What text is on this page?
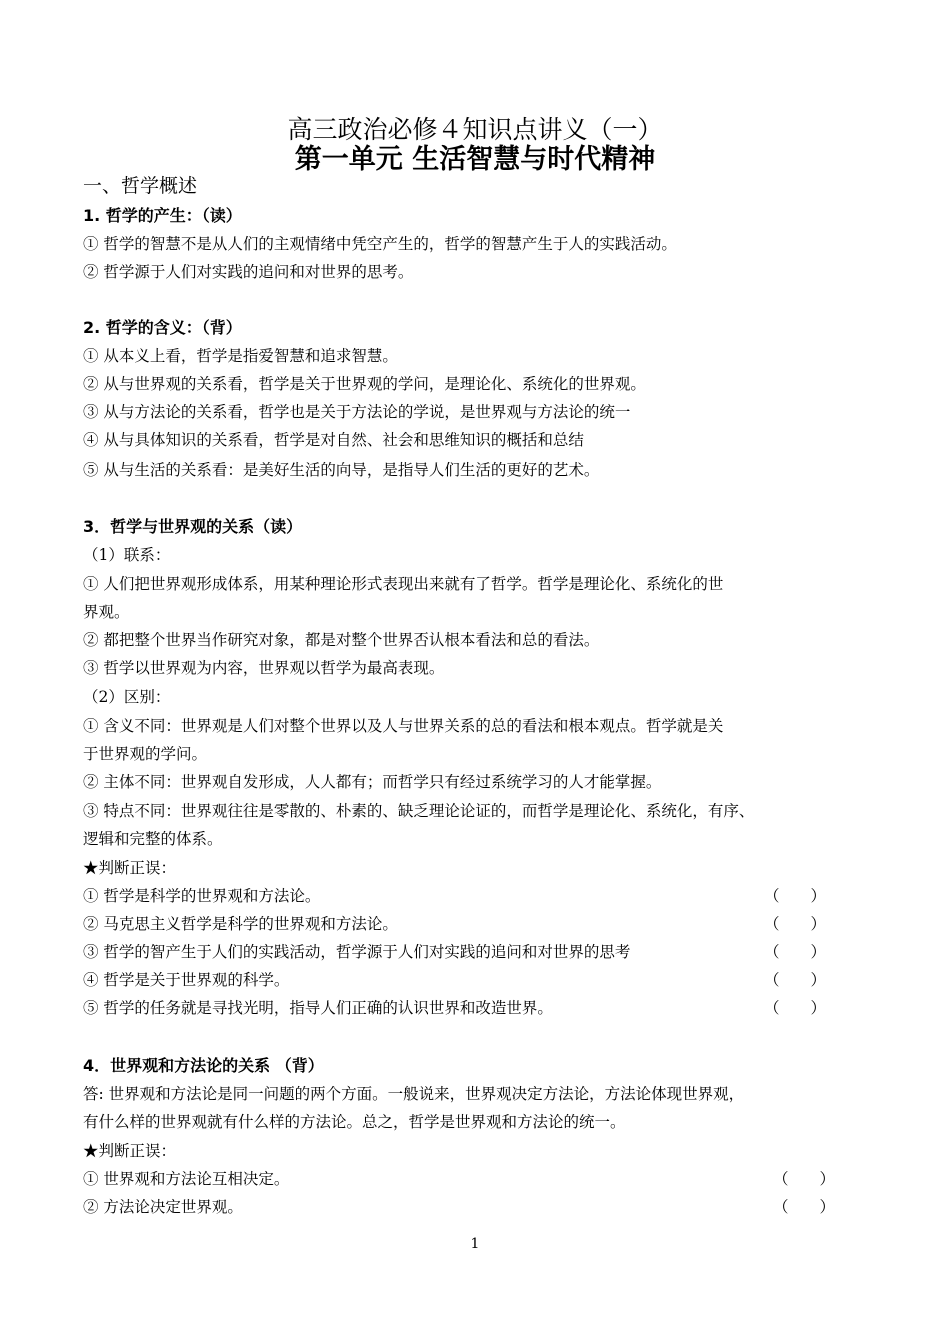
高三政治必修４知识点讲义（一）
第一单元 生活智慧与时代精神
一、哲学概述
1. 哲学的产生：（读）
① 哲学的智慧不是从人们的主观情绪中凭空产生的，哲学的智慧产生于人的实践活动。
② 哲学源于人们对实践的追问和对世界的思考。
2. 哲学的含义：（背）
① 从本义上看，哲学是指爱智慧和追求智慧。
② 从与世界观的关系看，哲学是关于世界观的学问，是理论化、系统化的世界观。
③ 从与方法论的关系看，哲学也是关于方法论的学说，是世界观与方法论的统一
④ 从与具体知识的关系看，哲学是对自然、社会和思维知识的概括和总结
⑤ 从与生活的关系看：是美好生活的向导，是指导人们生活的更好的艺术。
3．哲学与世界观的关系（读）
（1）联系：
① 人们把世界观形成体系，用某种理论形式表现出来就有了哲学。哲学是理论化、系统化的世
界观。
② 都把整个世界当作研究对象，都是对整个世界否认根本看法和总的看法。
③ 哲学以世界观为内容，世界观以哲学为最高表现。
（2）区别：
① 含义不同：世界观是人们对整个世界以及人与世界关系的总的看法和根本观点。哲学就是关
于世界观的学问。
② 主体不同：世界观自发形成，人人都有；而哲学只有经过系统学习的人才能掌握。
③ 特点不同：世界观往往是零散的、朴素的、缺乏理论论证的，而哲学是理论化、系统化，有序、
逻辑和完整的体系。
★判断正误：
① 哲学是科学的世界观和方法论。	（　　）
② 马克思主义哲学是科学的世界观和方法论。	（　　）
③ 哲学的智产生于人们的实践活动，哲学源于人们对实践的追问和对世界的思考	（　　）
④ 哲学是关于世界观的科学。	（　　）
⑤ 哲学的任务就是寻找光明，指导人们正确的认识世界和改造世界。	（　　）
4．世界观和方法论的关系 （背）
答: 世界观和方法论是同一问题的两个方面。一般说来，世界观决定方法论，方法论体现世界观，
有什么样的世界观就有什么样的方法论。总之，哲学是世界观和方法论的统一。
★判断正误：
① 世界观和方法论互相决定。	（　　）
② 方法论决定世界观。	（　　）
1
